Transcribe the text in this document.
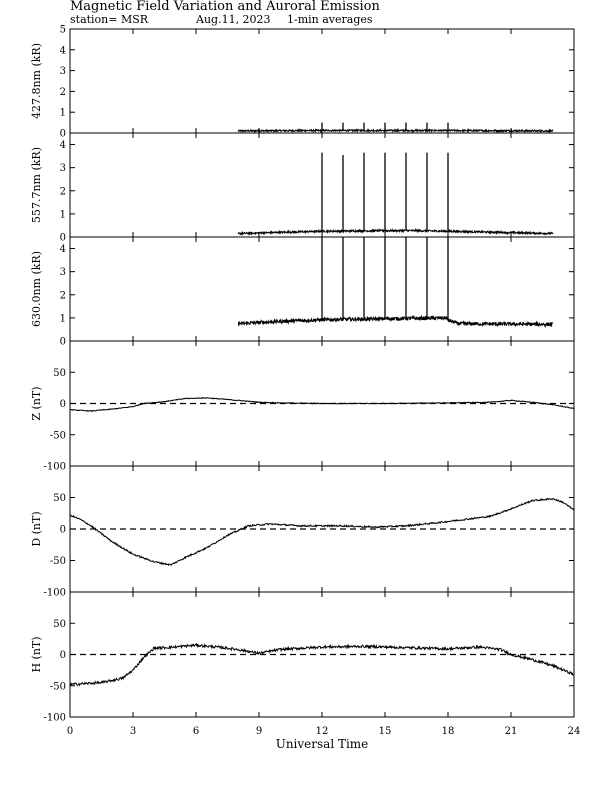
Magnetic Field Variation and Auroral Emission
station= MSR	Aug.11, 2023 1-min averages
0
1
2
3
4
5
427.8nm (kR)
0
1
2
3
4
557.7nm (kR)
0
1
2
3
4
630.0nm (kR)
-100
-50
0
50
Z (nT)
-100
-50
0
50
D (nT)
-100
-50
0
50
H (nT)
0	3	6	9	12	15	18	21	24
Universal Time
